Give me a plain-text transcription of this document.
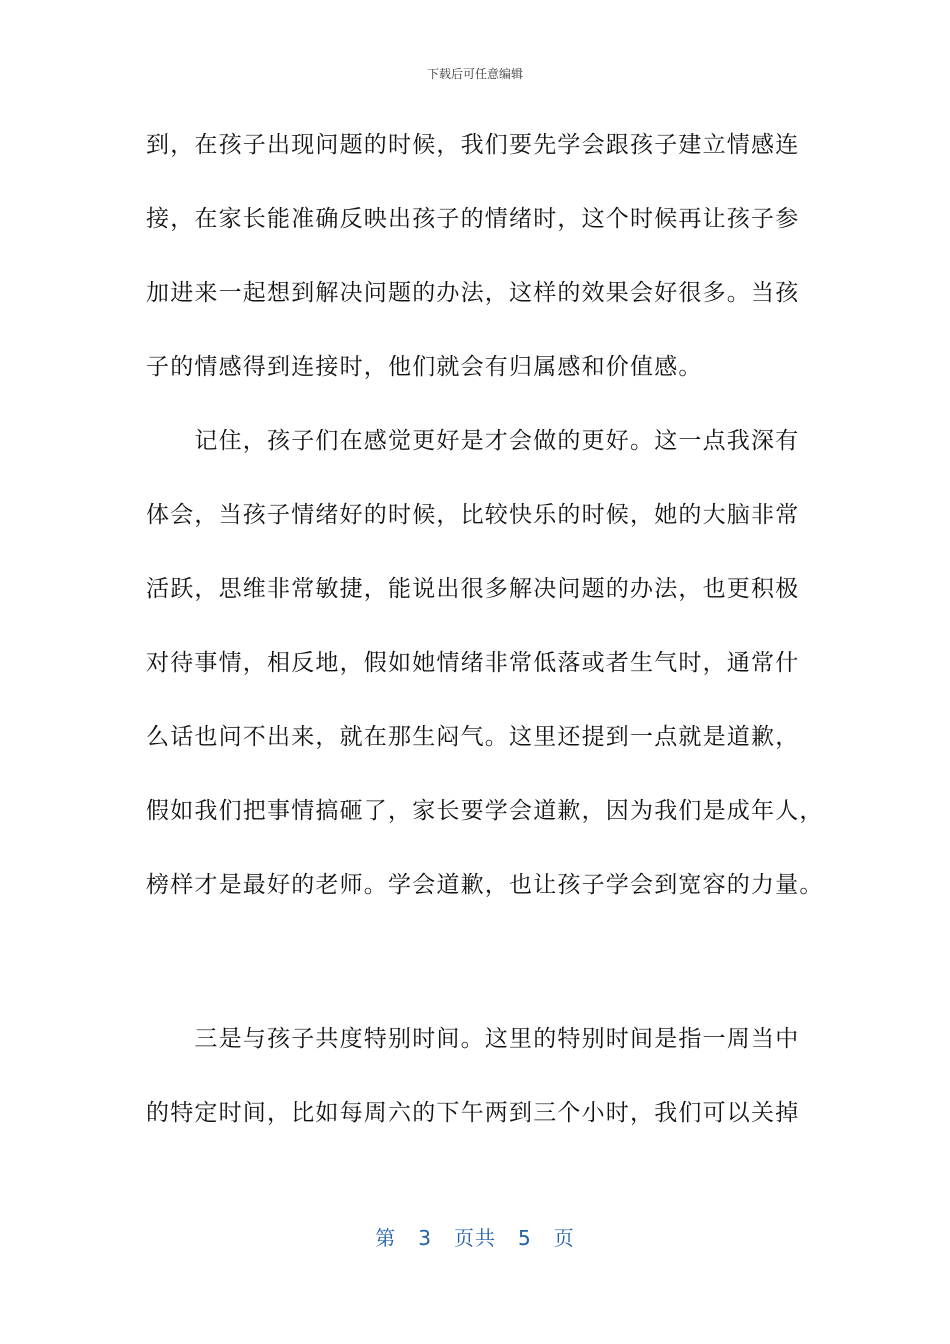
下载后可任意编辑
到，在孩子出现问题的时候，我们要先学会跟孩子建立情感连
接，在家长能准确反映出孩子的情绪时，这个时候再让孩子参
加进来一起想到解决问题的办法，这样的效果会好很多。当孩
子的情感得到连接时，他们就会有归属感和价值感。
　　记住，孩子们在感觉更好是才会做的更好。这一点我深有
体会，当孩子情绪好的时候，比较快乐的时候，她的大脑非常
活跃，思维非常敏捷，能说出很多解决问题的办法，也更积极
对待事情，相反地，假如她情绪非常低落或者生气时，通常什
么话也问不出来，就在那生闷气。这里还提到一点就是道歉，
假如我们把事情搞砸了，家长要学会道歉，因为我们是成年人，
榜样才是最好的老师。学会道歉，也让孩子学会到宽容的力量。
　　三是与孩子共度特别时间。这里的特别时间是指一周当中
的特定时间，比如每周六的下午两到三个小时，我们可以关掉
第 3 页共 5 页
